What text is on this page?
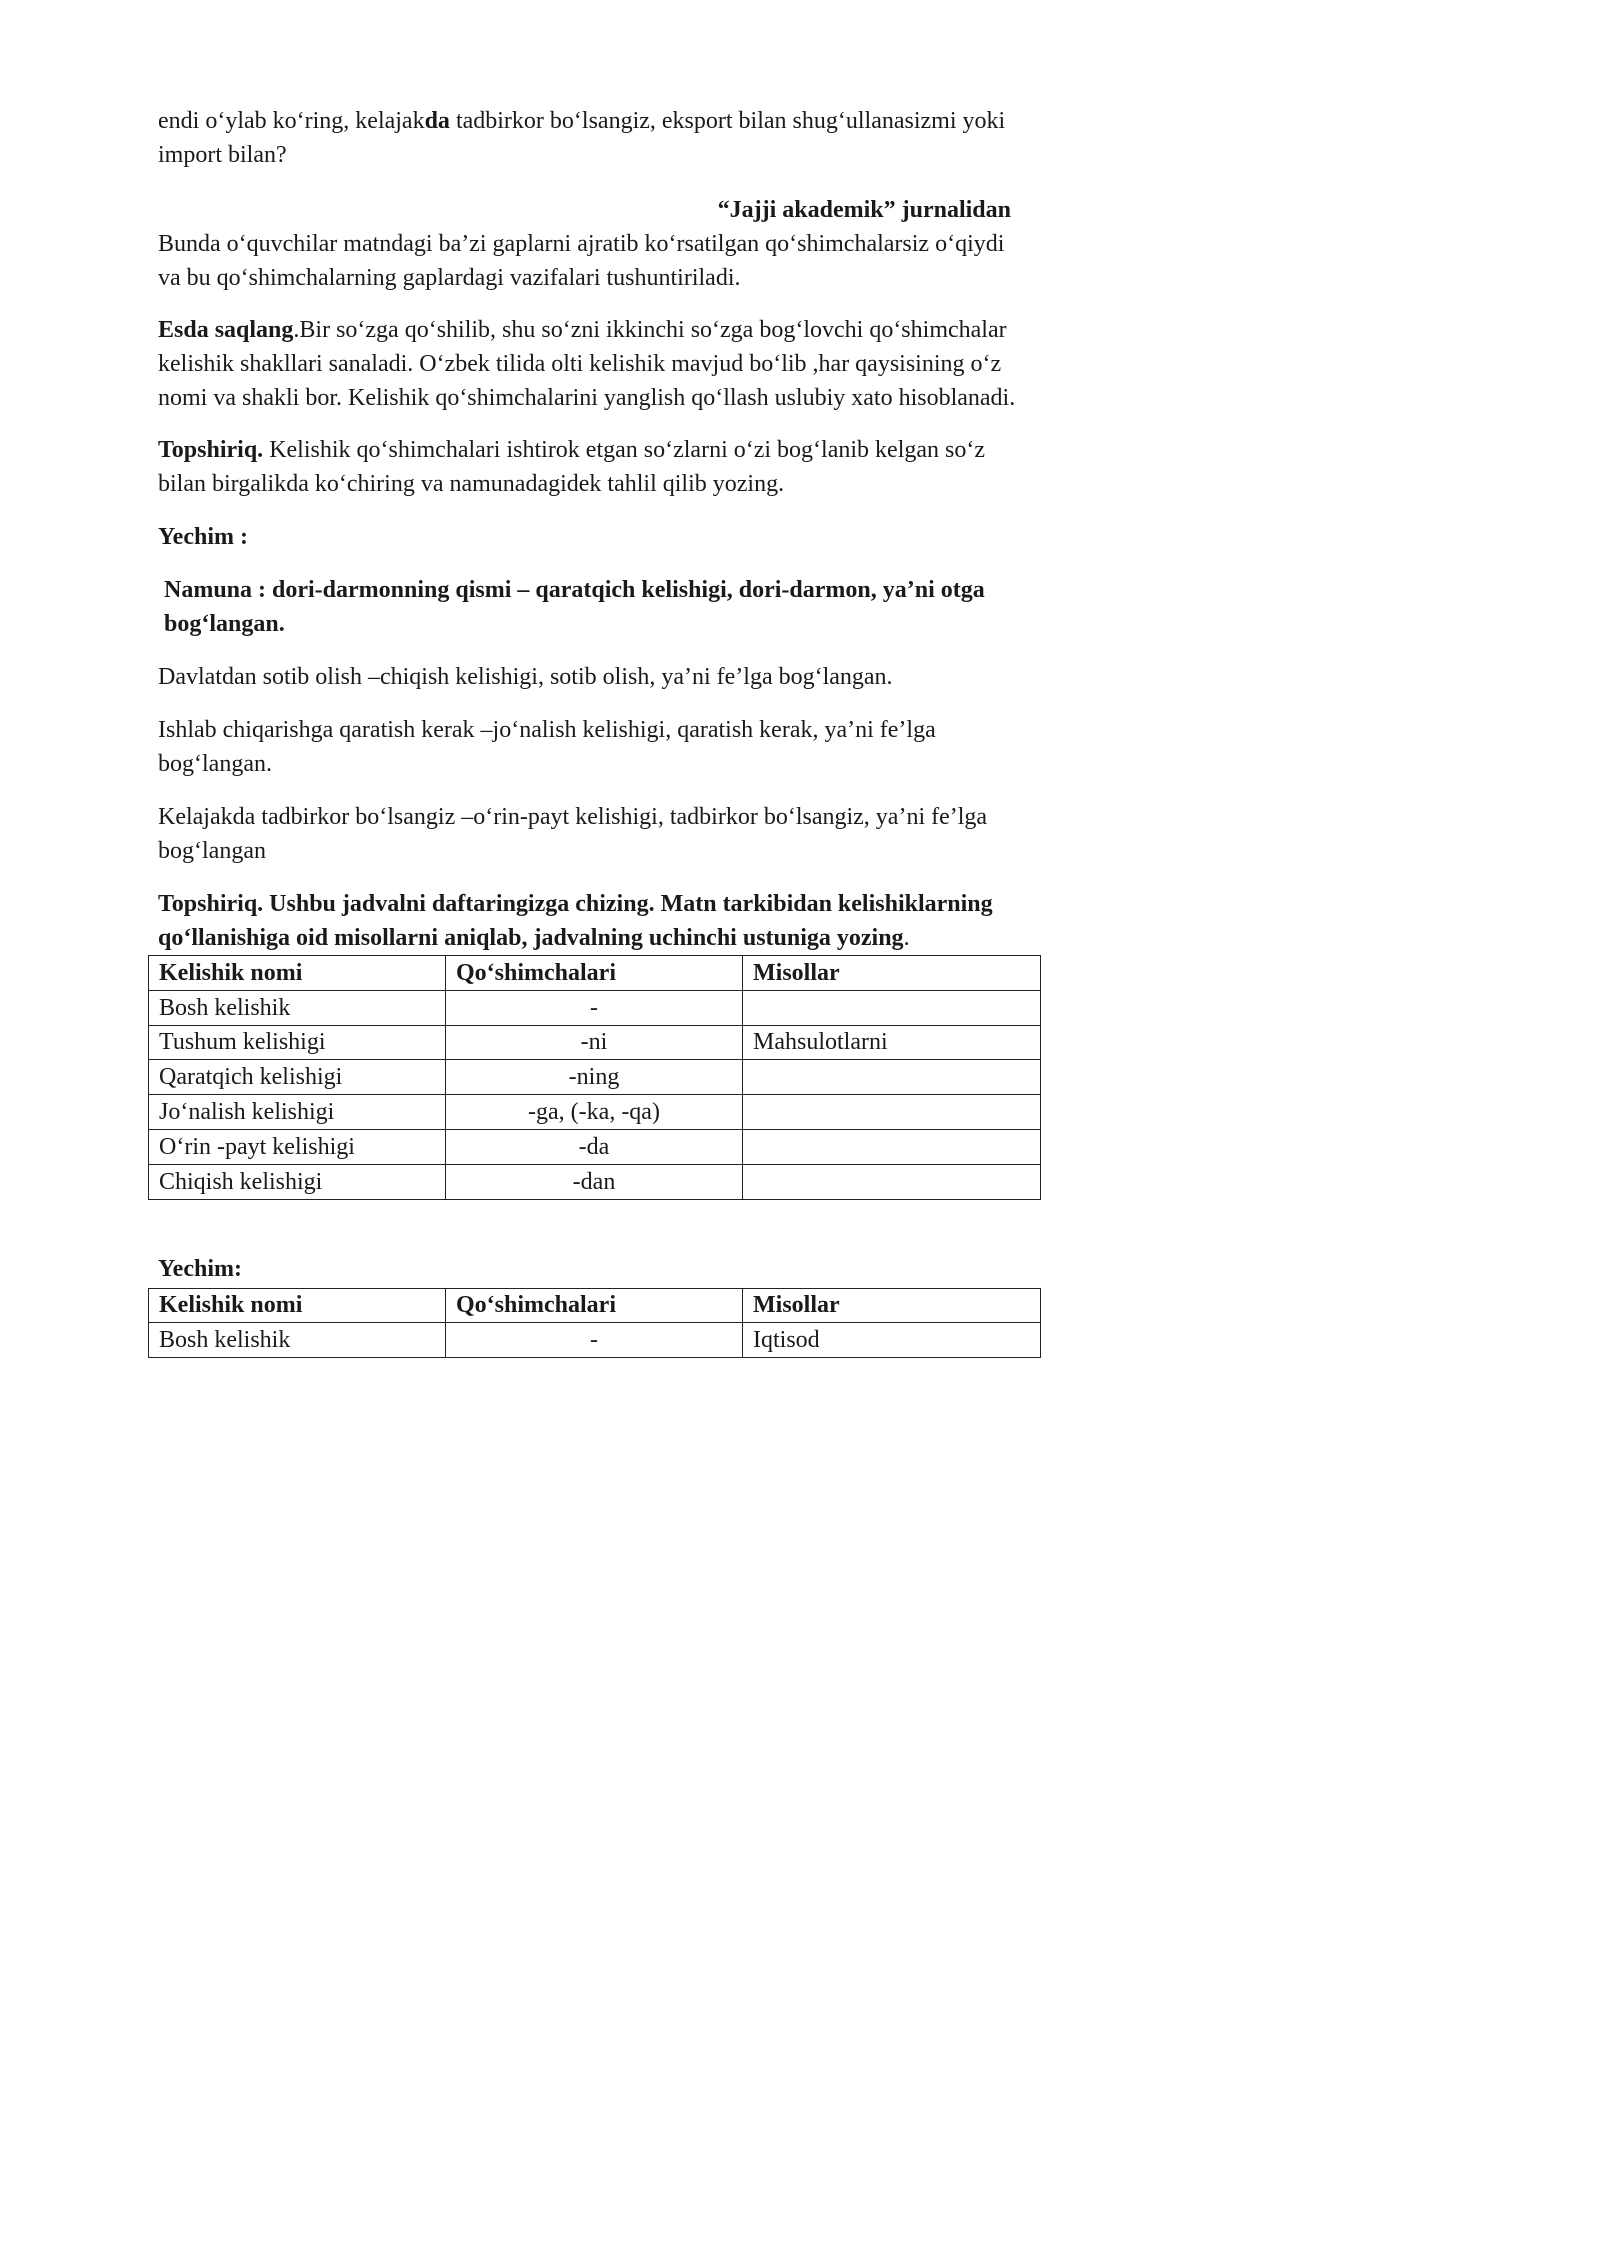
endi o‘ylab ko‘ring, kelajakda tadbirkor bo‘lsangiz, eksport bilan shug‘ullanasizmi yoki import bilan?

“Jajji akademik” jurnalidan

Bunda o‘quvchilar matndagi ba’zi gaplarni ajratib ko‘rsatilgan qo‘shimchalarsiz o‘qiydi va bu qo‘shimchalarning gaplardagi vazifalari tushuntiriladi.

Esda saqlang.Bir so‘zga qo‘shilib, shu so‘zni ikkinchi so‘zga bog‘lovchi qo‘shimchalar kelishik shakllari sanaladi. O‘zbek tilida olti kelishik mavjud bo‘lib ,har qaysisining o‘z nomi va shakli bor. Kelishik qo‘shimchalarini yanglish qo‘llash uslubiy xato hisoblanadi.

Topshiriq. Kelishik qo‘shimchalari ishtirok etgan so‘zlarni o‘zi bog‘lanib kelgan so‘z bilan birgalikda ko‘chiring va namunadagidek tahlil qilib yozing.

Yechim :

Namuna : dori-darmonning qismi – qaratqich kelishigi, dori-darmon, ya’ni otga bog‘langan.

Davlatdan sotib olish –chiqish kelishigi, sotib olish, ya’ni fe’lga bog‘langan.

Ishlab chiqarishga qaratish kerak –jo‘nalish kelishigi, qaratish kerak, ya’ni fe’lga bog‘langan.

Kelajakda tadbirkor bo‘lsangiz –o‘rin-payt kelishigi, tadbirkor bo‘lsangiz, ya’ni fe’lga bog‘langan

Topshiriq. Ushbu jadvalni daftaringizga chizing. Matn tarkibidan kelishiklarning qo‘llanishiga oid misollarni aniqlab, jadvalning uchinchi ustuniga yozing.

Kelishik nomi	Qo‘shimchalari	Misollar
Bosh kelishik	-	
Tushum kelishigi	-ni	Mahsulotlarni
Qaratqich kelishigi	-ning	
Jo‘nalish kelishigi	-ga, (-ka, -qa)	
O‘rin -payt kelishigi	-da	
Chiqish kelishigi	-dan	

Yechim:

Kelishik nomi	Qo‘shimchalari	Misollar
Bosh kelishik	-	Iqtisod
